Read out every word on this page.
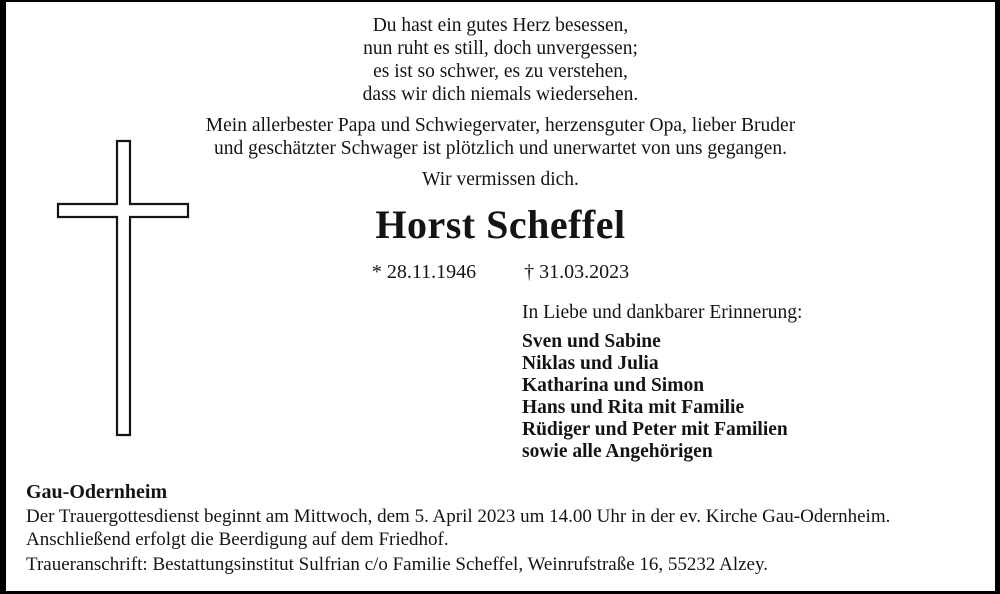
Du hast ein gutes Herz besessen,
nun ruht es still, doch unvergessen;
es ist so schwer, es zu verstehen,
dass wir dich niemals wiedersehen.
Mein allerbester Papa und Schwiegervater, herzensguter Opa, lieber Bruder
und geschätzter Schwager ist plötzlich und unerwartet von uns gegangen.
Wir vermissen dich.
Horst Scheffel
* 28.11.1946 † 31.03.2023
In Liebe und dankbarer Erinnerung:
Sven und Sabine
Niklas und Julia
Katharina und Simon
Hans und Rita mit Familie
Rüdiger und Peter mit Familien
sowie alle Angehörigen
Gau-Odernheim
Der Trauergottesdienst beginnt am Mittwoch, dem 5. April 2023 um 14.00 Uhr in der ev. Kirche Gau-Odernheim.
Anschließend erfolgt die Beerdigung auf dem Friedhof.
Traueranschrift: Bestattungsinstitut Sulfrian c/o Familie Scheffel, Weinrufstraße 16, 55232 Alzey.
